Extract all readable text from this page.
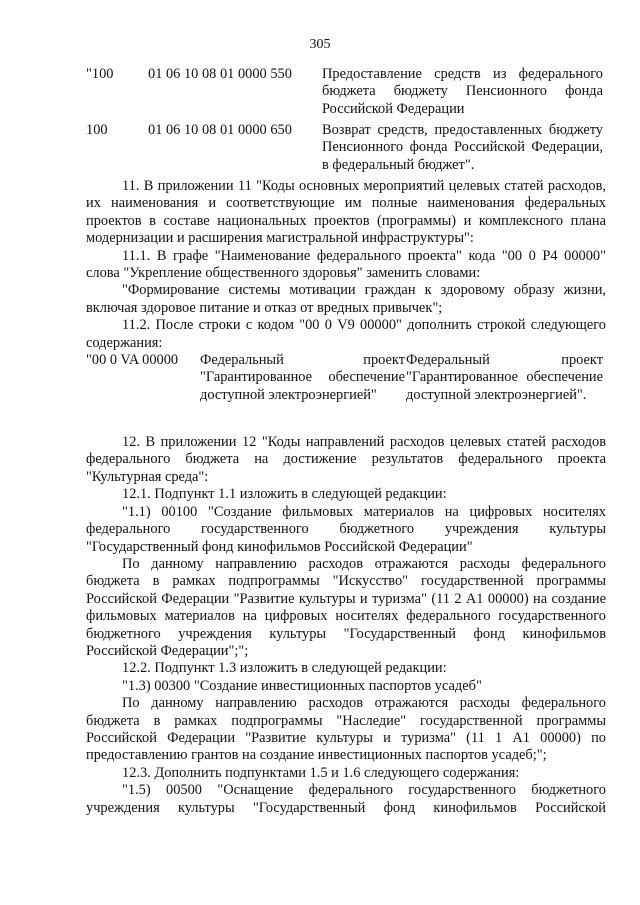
305
"100 01 06 10 08 01 0000 550 Предоставление средств из федерального бюджета бюджету Пенсионного фонда Российской Федерации
100	01 06 10 08 01 0000 650 Возврат средств, предоставленных бюджету Пенсионного фонда Российской Федерации, в федеральный бюджет".

11. В приложении 11 "Коды основных мероприятий целевых статей расходов, их наименования и соответствующие им полные наименования федеральных проектов в составе национальных проектов (программы) и комплексного плана модернизации и расширения магистральной инфраструктуры":

11.1. В графе "Наименование федерального проекта" кода "00 0 Р4 00000" слова "Укрепление общественного здоровья" заменить словами:

"Формирование системы мотивации граждан к здоровому образу жизни, включая здоровое питание и отказ от вредных привычек";

11.2. После строки с кодом "00 0 V9 00000" дополнить строкой следующего содержания:

"00 0 VA 00000 Федеральный проект "Гарантированное обеспечение доступной электроэнергией"
Федеральный проект "Гарантированное обеспечение доступной электроэнергией".

12. В приложении 12 "Коды направлений расходов целевых статей расходов федерального бюджета на достижение результатов федерального проекта "Культурная среда":

12.1. Подпункт 1.1 изложить в следующей редакции:

"1.1) 00100 "Создание фильмовых материалов на цифровых носителях федерального государственного бюджетного учреждения культуры "Государственный фонд кинофильмов Российской Федерации"

По данному направлению расходов отражаются расходы федерального бюджета в рамках подпрограммы "Искусство" государственной программы Российской Федерации "Развитие культуры и туризма" (11 2 А1 00000) на создание фильмовых материалов на цифровых носителях федерального государственного бюджетного учреждения культуры "Государственный фонд кинофильмов Российской Федерации";";

12.2. Подпункт 1.3 изложить в следующей редакции:

"1.3) 00300 "Создание инвестиционных паспортов усадеб"

По данному направлению расходов отражаются расходы федерального бюджета в рамках подпрограммы "Наследие" государственной программы Российской Федерации "Развитие культуры и туризма" (11 1 А1 00000) по предоставлению грантов на создание инвестиционных паспортов усадеб;";

12.3. Дополнить подпунктами 1.5 и 1.6 следующего содержания:

"1.5) 00500 "Оснащение федерального государственного бюджетного учреждения культуры "Государственный фонд кинофильмов Российской
